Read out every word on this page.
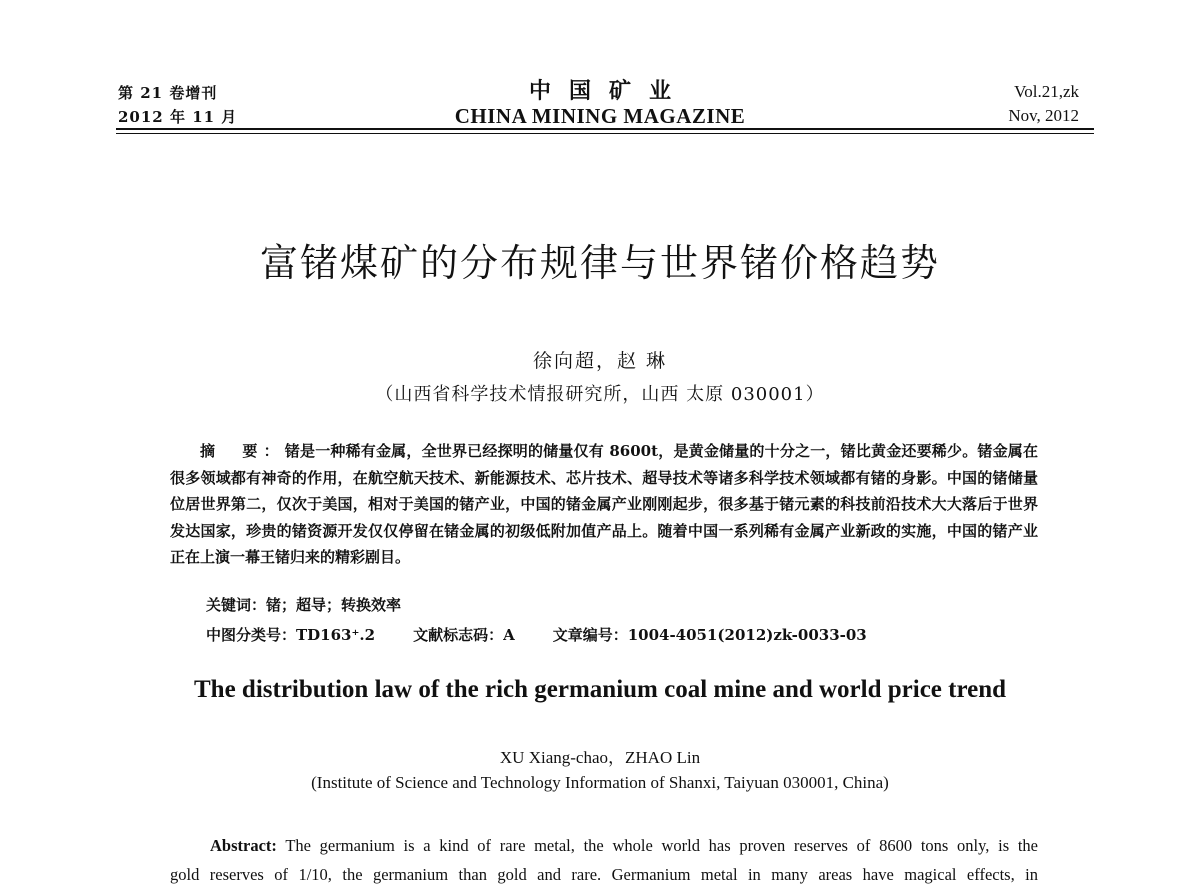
第 21 卷增刊
2012 年 11 月
中国矿业
CHINA MINING MAGAZINE
Vol.21,zk
Nov, 2012
富锗煤矿的分布规律与世界锗价格趋势
徐向超，赵 琳
（山西省科学技术情报研究所，山西 太原 030001）

摘　要：锗是一种稀有金属，全世界已经探明的储量仅有 8600t，是黄金储量的十分之一，锗比黄金还要稀少。锗金属在很多领域都有神奇的作用，在航空航天技术、新能源技术、芯片技术、超导技术等诸多科学技术领域都有锗的身影。中国的锗储量位居世界第二，仅次于美国，相对于美国的锗产业，中国的锗金属产业刚刚起步，很多基于锗元素的科技前沿技术大大落后于世界发达国家，珍贵的锗资源开发仅仅停留在锗金属的初级低附加值产品上。随着中国一系列稀有金属产业新政的实施，中国的锗产业正在上演一幕王锗归来的精彩剧目。

关键词：锗；超导；转换效率
中图分类号：TD163⁺.2	文献标志码：A	文章编号：1004-4051(2012)zk-0033-03
The distribution law of the rich germanium coal mine and world price trend
XU Xiang-chao，ZHAO Lin
(Institute of Science and Technology Information of Shanxi, Taiyuan 030001, China)

Abstract: The germanium is a kind of rare metal, the whole world has proven reserves of 8600 tons only, is the

gold reserves of 1/10, the germanium than gold and rare. Germanium metal in many areas have magical effects, in
